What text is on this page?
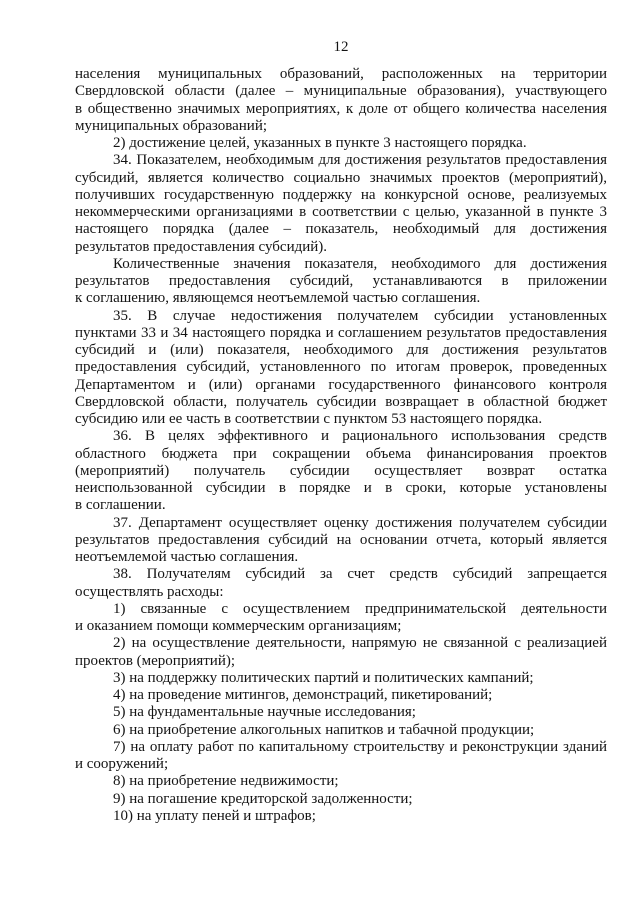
12
населения муниципальных образований, расположенных на территории
Свердловской области (далее – муниципальные образования), участвующего
в общественно значимых мероприятиях, к доле от общего количества населения
муниципальных образований;
2) достижение целей, указанных в пункте 3 настоящего порядка.
34. Показателем, необходимым для достижения результатов предоставления
субсидий, является количество социально значимых проектов (мероприятий),
получивших государственную поддержку на конкурсной основе, реализуемых
некоммерческими организациями в соответствии с целью, указанной в пункте 3
настоящего порядка (далее – показатель, необходимый для достижения
результатов предоставления субсидий).
Количественные значения показателя, необходимого для достижения
результатов предоставления субсидий, устанавливаются в приложении
к соглашению, являющемся неотъемлемой частью соглашения.
35. В случае недостижения получателем субсидии установленных
пунктами 33 и 34 настоящего порядка и соглашением результатов предоставления
субсидий и (или) показателя, необходимого для достижения результатов
предоставления субсидий, установленного по итогам проверок, проведенных
Департаментом и (или) органами государственного финансового контроля
Свердловской области, получатель субсидии возвращает в областной бюджет
субсидию или ее часть в соответствии с пунктом 53 настоящего порядка.
36. В целях эффективного и рационального использования средств
областного бюджета при сокращении объема финансирования проектов
(мероприятий) получатель субсидии осуществляет возврат остатка
неиспользованной субсидии в порядке и в сроки, которые установлены
в соглашении.
37. Департамент осуществляет оценку достижения получателем субсидии
результатов предоставления субсидий на основании отчета, который является
неотъемлемой частью соглашения.
38. Получателям субсидий за счет средств субсидий запрещается
осуществлять расходы:
1) связанные с осуществлением предпринимательской деятельности
и оказанием помощи коммерческим организациям;
2) на осуществление деятельности, напрямую не связанной с реализацией
проектов (мероприятий);
3) на поддержку политических партий и политических кампаний;
4) на проведение митингов, демонстраций, пикетирований;
5) на фундаментальные научные исследования;
6) на приобретение алкогольных напитков и табачной продукции;
7) на оплату работ по капитальному строительству и реконструкции зданий
и сооружений;
8) на приобретение недвижимости;
9) на погашение кредиторской задолженности;
10) на уплату пеней и штрафов;
